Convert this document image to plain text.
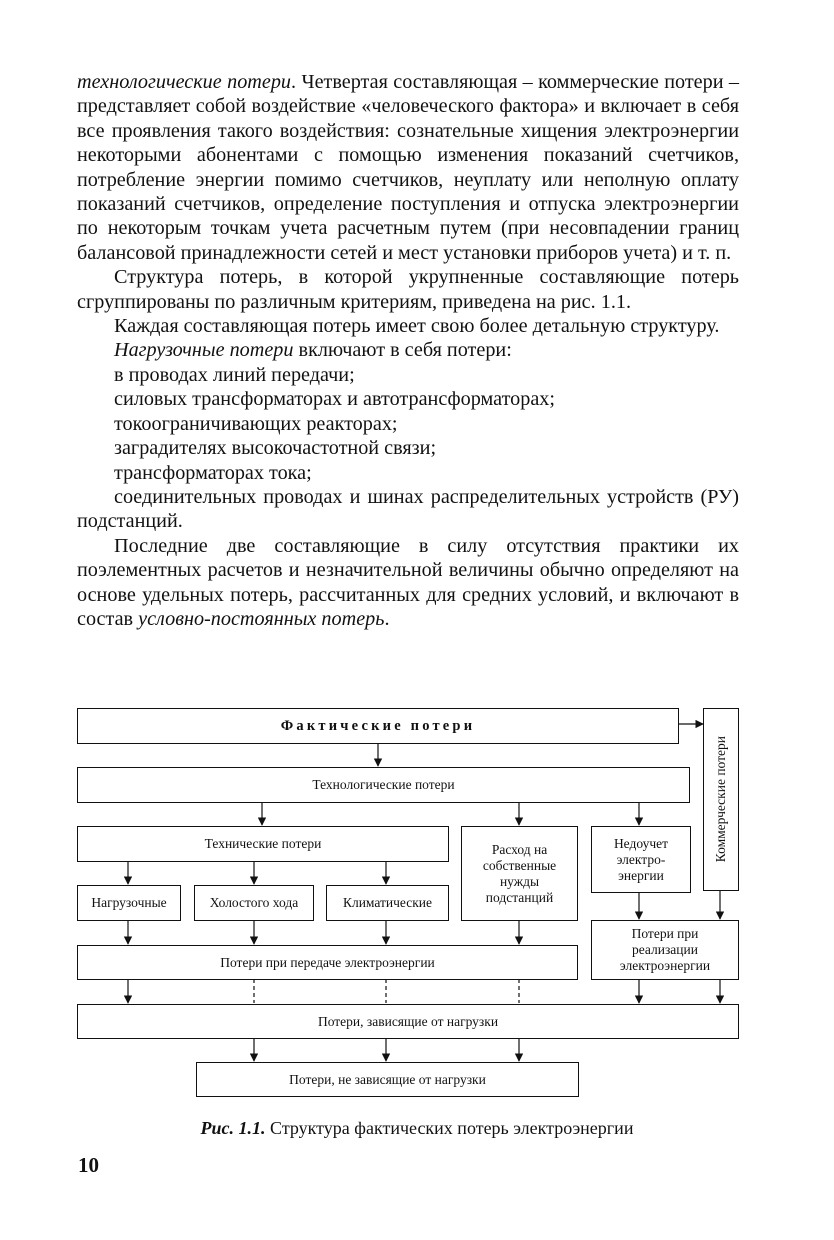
технологические потери. Четвертая составляющая – коммерческие потери – представляет собой воздействие «человеческого фактора» и включает в себя все проявления такого воздействия: сознательные хищения электроэнергии некоторыми абонентами с помощью изменения показаний счетчиков, потребление энергии помимо счетчиков, неуплату или неполную оплату показаний счетчиков, определение поступления и отпуска электроэнергии по некоторым точкам учета расчетным путем (при несовпадении границ балансовой принадлежности сетей и мест установки приборов учета) и т. п.

Структура потерь, в которой укрупненные составляющие потерь сгруппированы по различным критериям, приведена на рис. 1.1.

Каждая составляющая потерь имеет свою более детальную структуру.

Нагрузочные потери включают в себя потери:

в проводах линий передачи;

силовых трансформаторах и автотрансформаторах;

токоограничивающих реакторах;

заградителях высокочастотной связи;

трансформаторах тока;

соединительных проводах и шинах распределительных устройств (РУ) подстанций.

Последние две составляющие в силу отсутствия практики их поэлементных расчетов и незначительной величины обычно определяют на основе удельных потерь, рассчитанных для средних условий, и включают в состав условно-постоянных потерь.

Фактические потери
Коммерческие потери
Технологические потери
Технические потери	Расход на собственные нужды подстанций
Недоучет электро-энергии
Нагрузочные	Холостого хода	Климатические
Потери при передаче электроэнергии
Потери при реализации электроэнергии
Потери, зависящие от нагрузки
Потери, не зависящие от нагрузки
Рис. 1.1. Структура фактических потерь электроэнергии
10
